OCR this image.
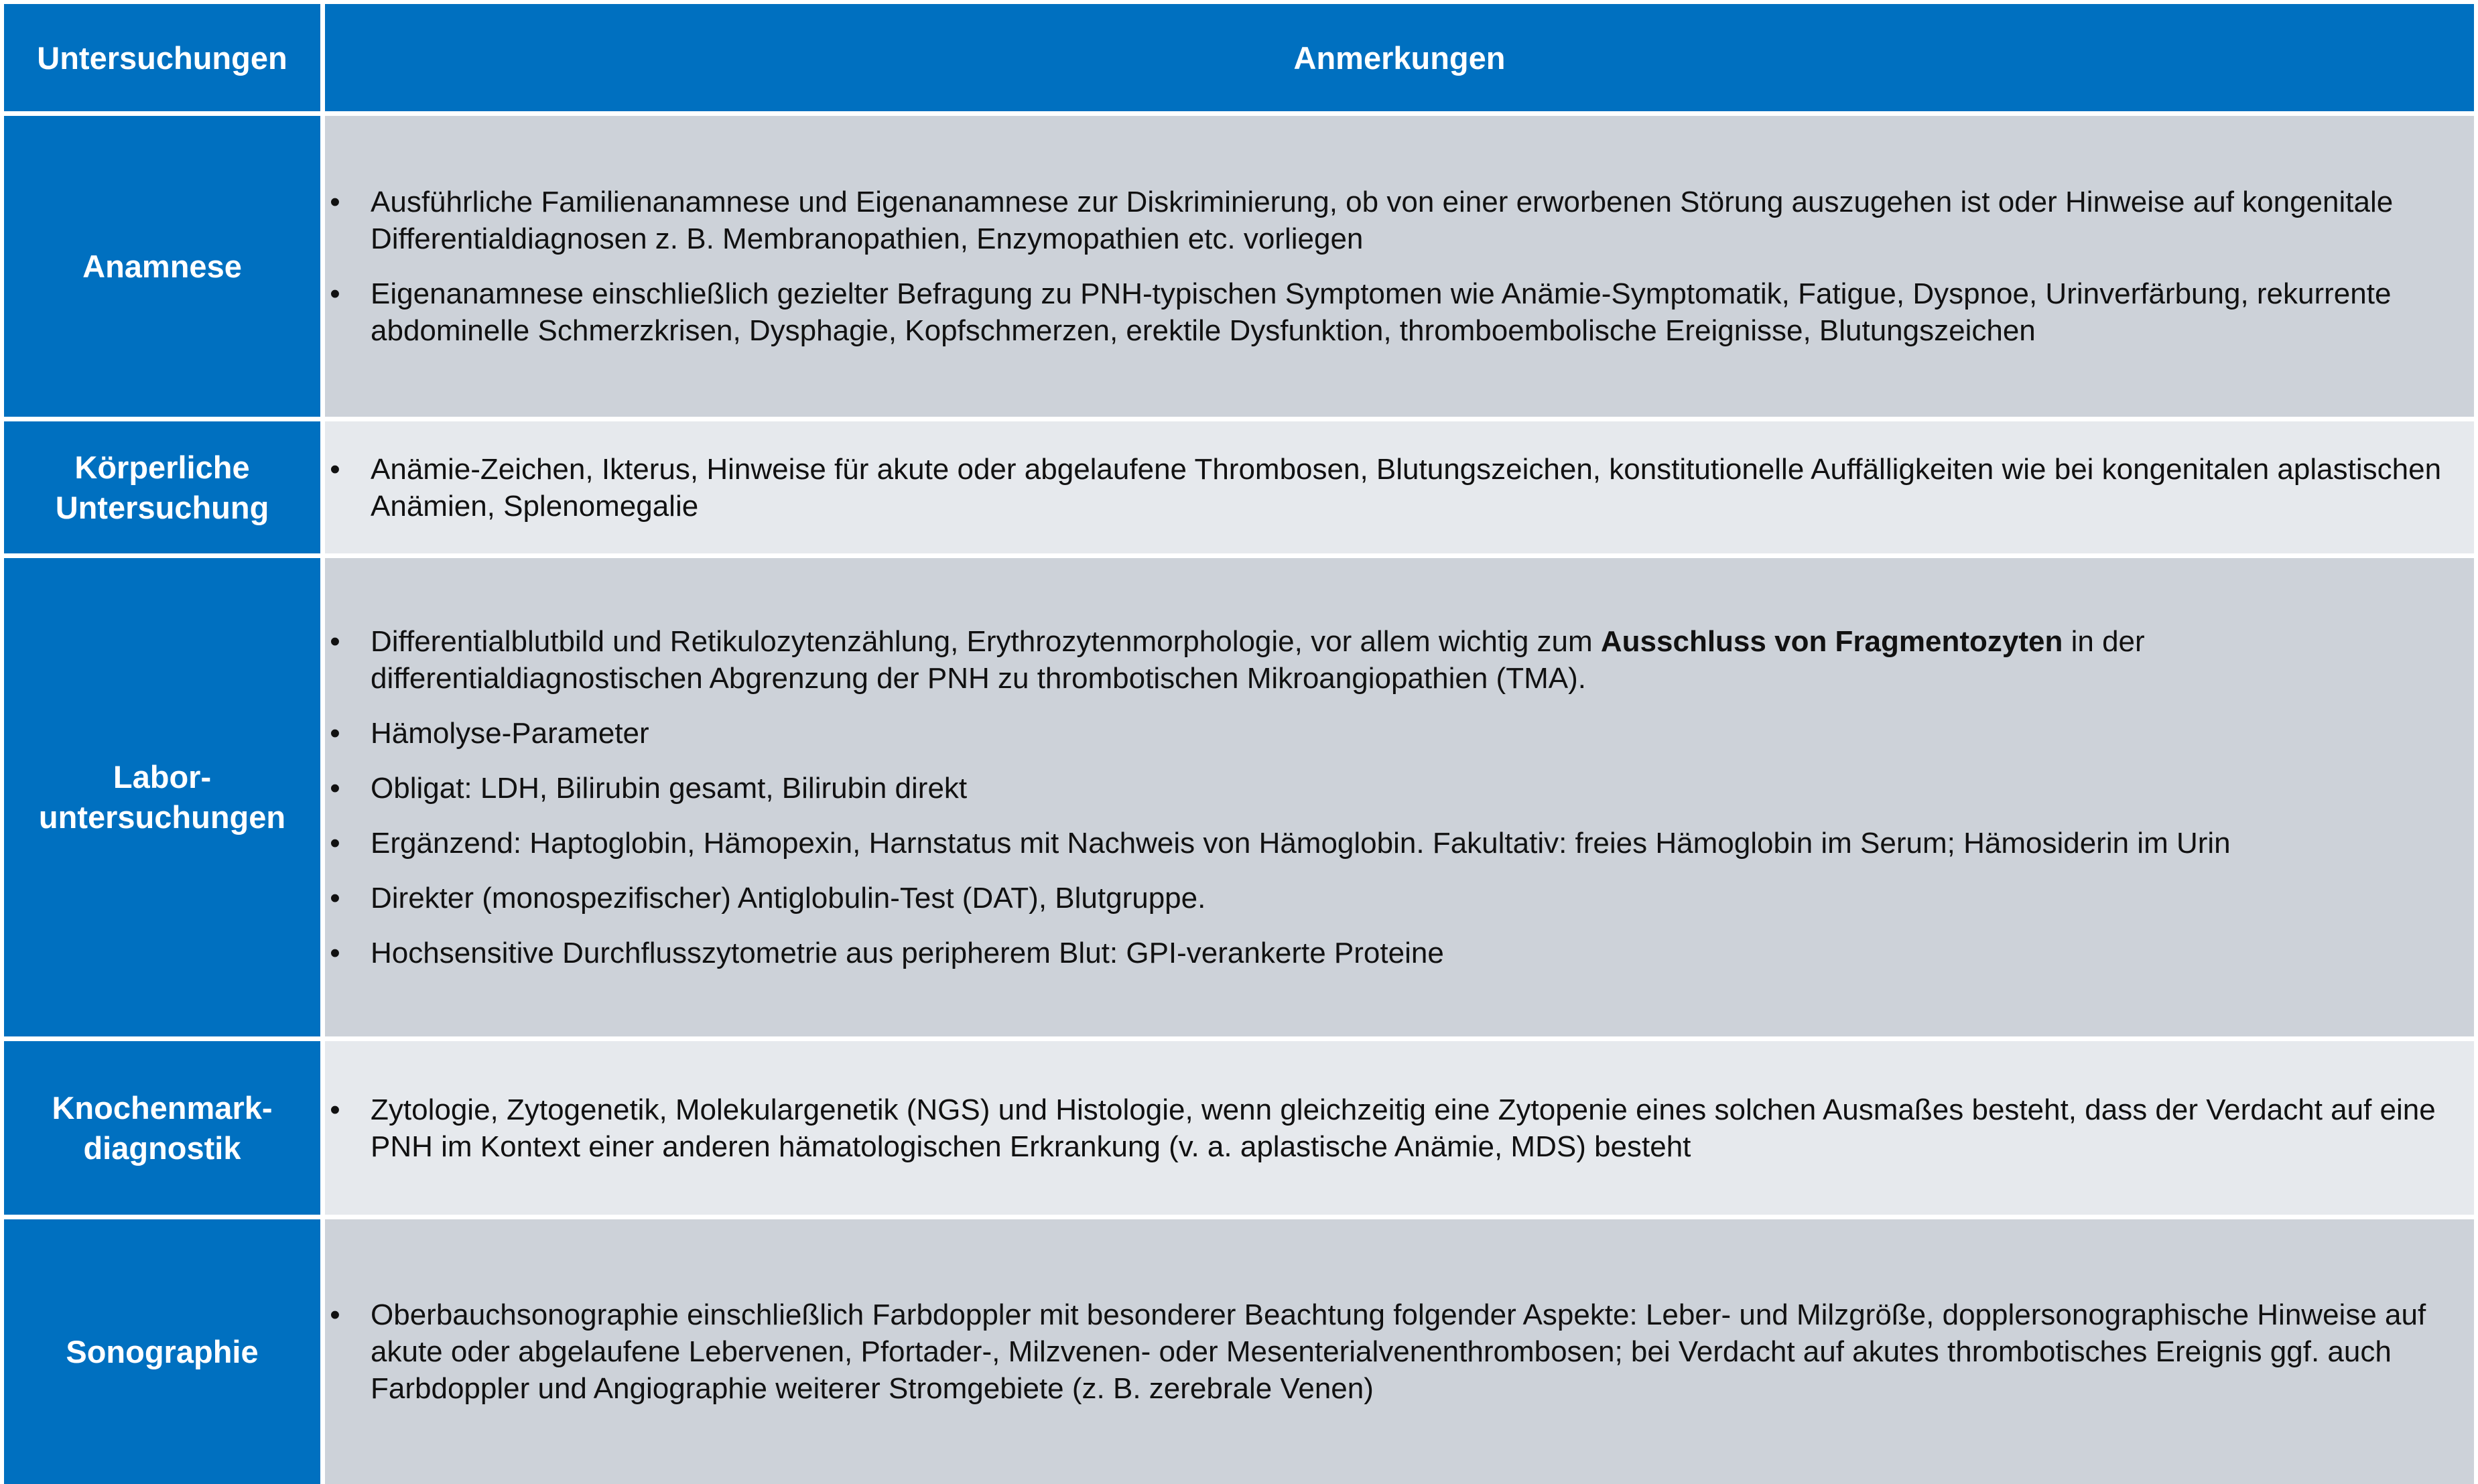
Untersuchungen	Anmerkungen
Anamnese
• Ausführliche Familienanamnese und Eigenanamnese zur Diskriminierung, ob von einer erworbenen Störung auszugehen ist oder Hinweise auf kongenitale Differentialdiagnosen z. B. Membranopathien, Enzymopathien etc. vorliegen
• Eigenanamnese einschließlich gezielter Befragung zu PNH-typischen Symptomen wie Anämie-Symptomatik, Fatigue, Dyspnoe, Urinverfärbung, rekurrente abdominelle Schmerzkrisen, Dysphagie, Kopfschmerzen, erektile Dysfunktion, thromboembolische Ereignisse, Blutungszeichen
Körperliche
Untersuchung
• Anämie-Zeichen, Ikterus, Hinweise für akute oder abgelaufene Thrombosen, Blutungszeichen, konstitutionelle Auffälligkeiten wie bei kongenitalen aplastischen Anämien, Splenomegalie
Labor-
untersuchungen
• Differentialblutbild und Retikulozytenzählung, Erythrozytenmorphologie, vor allem wichtig zum Ausschluss von Fragmentozyten in der differentialdiagnostischen Abgrenzung der PNH zu thrombotischen Mikroangiopathien (TMA).
• Hämolyse-Parameter
• Obligat: LDH, Bilirubin gesamt, Bilirubin direkt
• Ergänzend: Haptoglobin, Hämopexin, Harnstatus mit Nachweis von Hämoglobin. Fakultativ: freies Hämoglobin im Serum; Hämosiderin im Urin
• Direkter (monospezifischer) Antiglobulin-Test (DAT), Blutgruppe.
• Hochsensitive Durchflusszytometrie aus peripherem Blut: GPI-verankerte Proteine
Knochenmark-
diagnostik
• Zytologie, Zytogenetik, Molekulargenetik (NGS) und Histologie, wenn gleichzeitig eine Zytopenie eines solchen Ausmaßes besteht, dass der Verdacht auf eine PNH im Kontext einer anderen hämatologischen Erkrankung (v. a. aplastische Anämie, MDS) besteht
Sonographie
• Oberbauchsonographie einschließlich Farbdoppler mit besonderer Beachtung folgender Aspekte: Leber- und Milzgröße, dopplersonographische Hinweise auf akute oder abgelaufene Lebervenen, Pfortader-, Milzvenen- oder Mesenterialvenenthrombosen; bei Verdacht auf akutes thrombotisches Ereignis ggf. auch Farbdoppler und Angiographie weiterer Stromgebiete (z. B. zerebrale Venen)
